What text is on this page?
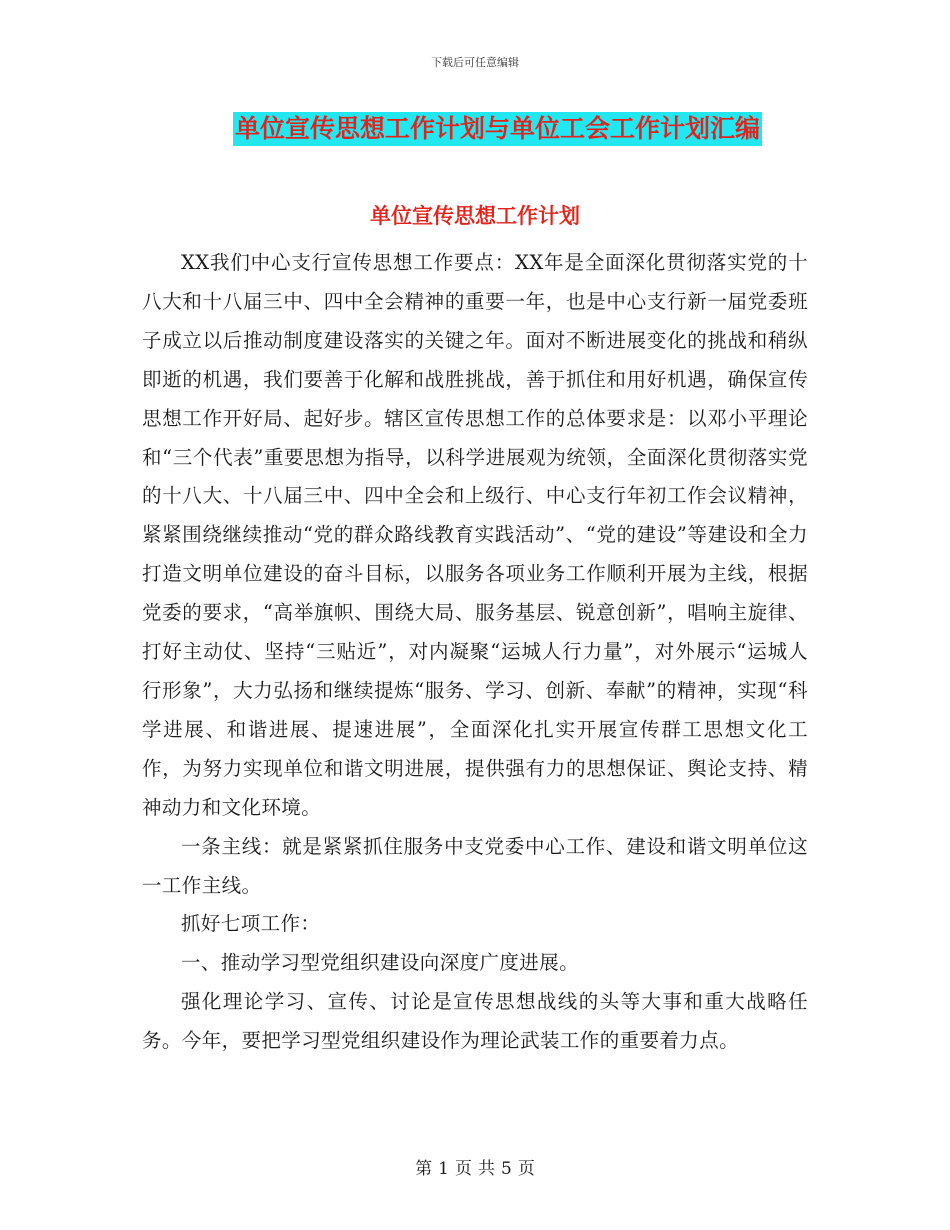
下载后可任意编辑
单位宣传思想工作计划与单位工会工作计划汇编
单位宣传思想工作计划

XX我们中心支行宣传思想工作要点：XX年是全面深化贯彻落实党的十八大和十八届三中、四中全会精神的重要一年，也是中心支行新一届党委班子成立以后推动制度建设落实的关键之年。面对不断进展变化的挑战和稍纵即逝的机遇，我们要善于化解和战胜挑战，善于抓住和用好机遇，确保宣传思想工作开好局、起好步。辖区宣传思想工作的总体要求是：以邓小平理论和“三个代表”重要思想为指导，以科学进展观为统领，全面深化贯彻落实党的十八大、十八届三中、四中全会和上级行、中心支行年初工作会议精神，紧紧围绕继续推动“党的群众路线教育实践活动”、“党的建设”等建设和全力打造文明单位建设的奋斗目标，以服务各项业务工作顺利开展为主线，根据党委的要求，“高举旗帜、围绕大局、服务基层、锐意创新”，唱响主旋律、打好主动仗、坚持“三贴近”，对内凝聚“运城人行力量”，对外展示“运城人行形象”，大力弘扬和继续提炼“服务、学习、创新、奉献”的精神，实现“科学进展、和谐进展、提速进展”，全面深化扎实开展宣传群工思想文化工作，为努力实现单位和谐文明进展，提供强有力的思想保证、舆论支持、精神动力和文化环境。

一条主线：就是紧紧抓住服务中支党委中心工作、建设和谐文明单位这一工作主线。

抓好七项工作：

一、推动学习型党组织建设向深度广度进展。

强化理论学习、宣传、讨论是宣传思想战线的头等大事和重大战略任务。今年，要把学习型党组织建设作为理论武装工作的重要着力点。

第 1 页 共 5 页
